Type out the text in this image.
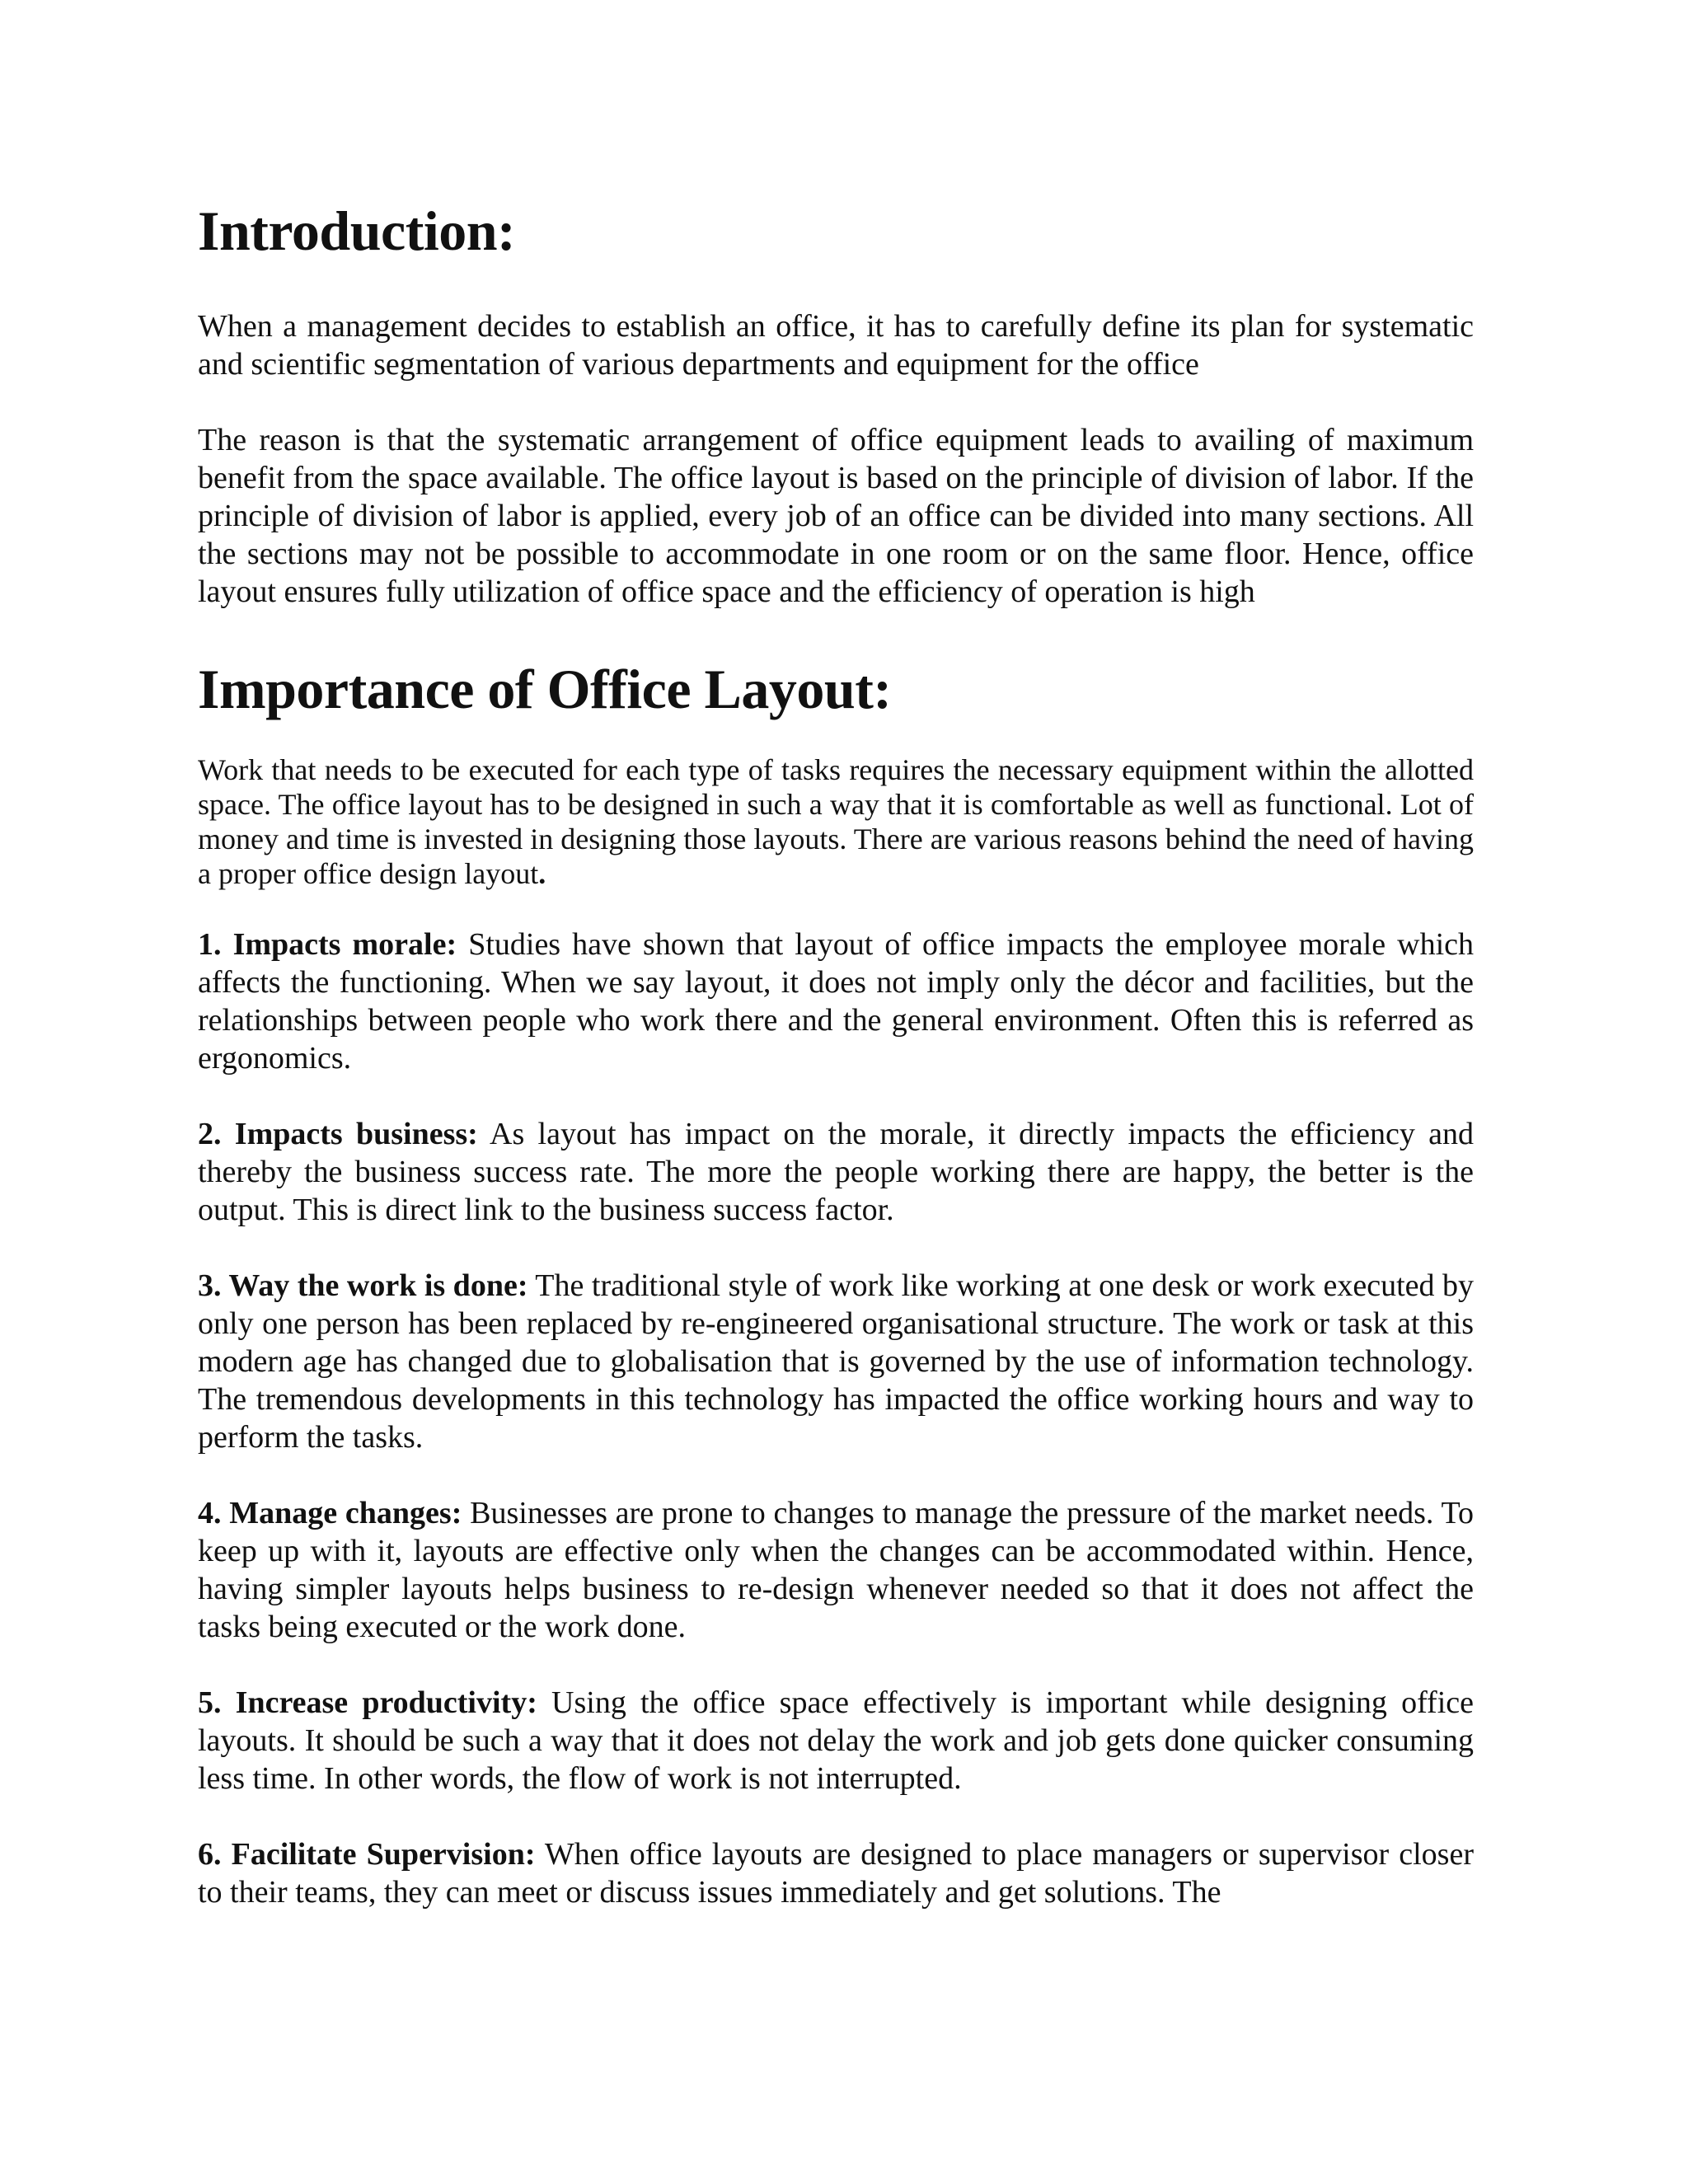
Introduction:

When a management decides to establish an office, it has to carefully define its plan for systematic and scientific segmentation of various departments and equipment for the office

The reason is that the systematic arrangement of office equipment leads to availing of maximum benefit from the space available. The office layout is based on the principle of division of labor. If the principle of division of labor is applied, every job of an office can be divided into many sections. All the sections may not be possible to accommodate in one room or on the same floor. Hence, office layout ensures fully utilization of office space and the efficiency of operation is high

Importance of Office Layout:

Work that needs to be executed for each type of tasks requires the necessary equipment within the allotted space. The office layout has to be designed in such a way that it is comfortable as well as functional. Lot of money and time is invested in designing those layouts. There are various reasons behind the need of having a proper office design layout.

1. Impacts morale: Studies have shown that layout of office impacts the employee morale which affects the functioning. When we say layout, it does not imply only the décor and facilities, but the relationships between people who work there and the general environment. Often this is referred as ergonomics.

2. Impacts business: As layout has impact on the morale, it directly impacts the efficiency and thereby the business success rate. The more the people working there are happy, the better is the output. This is direct link to the business success factor.

3. Way the work is done: The traditional style of work like working at one desk or work executed by only one person has been replaced by re-engineered organisational structure. The work or task at this modern age has changed due to globalisation that is governed by the use of information technology. The tremendous developments in this technology has impacted the office working hours and way to perform the tasks.

4. Manage changes: Businesses are prone to changes to manage the pressure of the market needs. To keep up with it, layouts are effective only when the changes can be accommodated within. Hence, having simpler layouts helps business to re-design whenever needed so that it does not affect the tasks being executed or the work done.

5. Increase productivity: Using the office space effectively is important while designing office layouts. It should be such a way that it does not delay the work and job gets done quicker consuming less time. In other words, the flow of work is not interrupted.

6. Facilitate Supervision: When office layouts are designed to place managers or supervisor closer to their teams, they can meet or discuss issues immediately and get solutions. The
